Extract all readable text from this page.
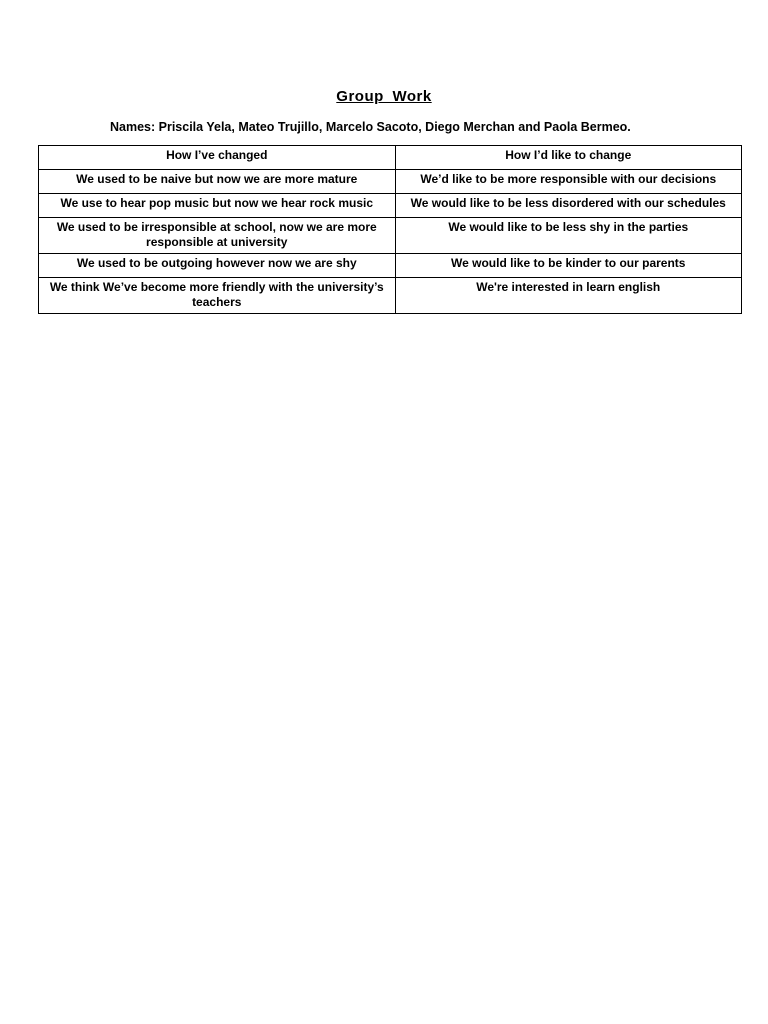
Group Work
Names: Priscila Yela, Mateo Trujillo, Marcelo Sacoto, Diego Merchan and Paola Bermeo.
How I’ve changed	How I’d like to change
We used to be naive but now we are more mature	We’d like to be more responsible with our decisions
We use to hear pop music but now we hear rock music	We would like to be less disordered with our schedules
We used to be irresponsible at school, now we are more responsible at university	We would like to be less shy in the parties
We used to be outgoing however now we are shy	We would like to be kinder to our parents
We think We’ve become more friendly with the university’s teachers	We're interested in learn english
